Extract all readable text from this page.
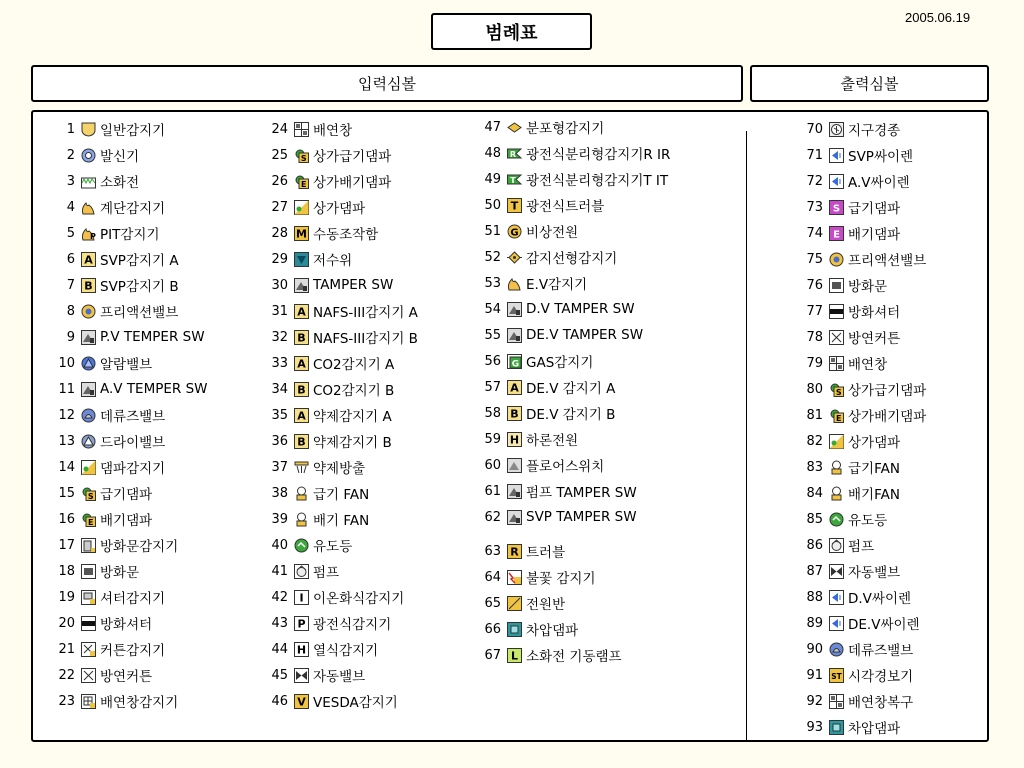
범례표
2005.06.19
입력심볼	출력심볼
1 일반감지기
2 발신기
3 소화전
4 계단감지기
5 P PIT감지기
6 A SVP감지기 A
7 B SVP감지기 B
8 프리액션밸브
9 P.V TEMPER SW
10 알람밸브
11 A.V TEMPER SW
12 데류즈밸브
13 드라이밸브
14 댐파감지기
15 S 급기댐파
16 E 배기댐파
17 방화문감지기
18 방화문
19 셔터감지기
20 방화셔터
21 커튼감지기
22 방연커튼
23 배연창감지기
24 배연창
25 S 상가급기댐파
26 E 상가배기댐파
27 상가댐파
28 M 수동조작함
29 저수위
30 TAMPER SW
31 A NAFS-III감지기 A
32 B NAFS-III감지기 B
33 A CO2감지기 A
34 B CO2감지기 B
35 A 약제감지기 A
36 B 약제감지기 B
37 약제방출
38 급기 FAN
39 배기 FAN
40 유도등
41 펌프
42 I 이온화식감지기
43 P 광전식감지기
44 H 열식감지기
45 자동밸브
46 V VESDA감지기
47 분포형감지기
48 R 광전식분리형감지기R IR
49 T 광전식분리형감지기T IT
50 T 광전식트러블
51 G 비상전원
52 감지선형감지기
53 E.V감지기
54 D.V TAMPER SW
55 DE.V TAMPER SW
56 G GAS감지기
57 A DE.V 감지기 A
58 B DE.V 감지기 B
59 H 하론전원
60 플로어스위치
61 펌프 TAMPER SW
62 SVP TAMPER SW
63 R 트러블
64 불꽃 감지기
65 전원반
66 차압댐파
67 L 소화전 기동램프
70 지구경종
71 SVP싸이렌
72 A.V싸이렌
73 S 급기댐파
74 E 배기댐파
75 프리액션밸브
76 방화문
77 방화셔터
78 방연커튼
79 배연창
80 S 상가급기댐파
81 E 상가배기댐파
82 상가댐파
83 급기FAN
84 배기FAN
85 유도등
86 펌프
87 자동밸브
88 D.V싸이렌
89 DE.V싸이렌
90 데류즈밸브
91 ST 시각경보기
92 배연창복구
93 차압댐파
